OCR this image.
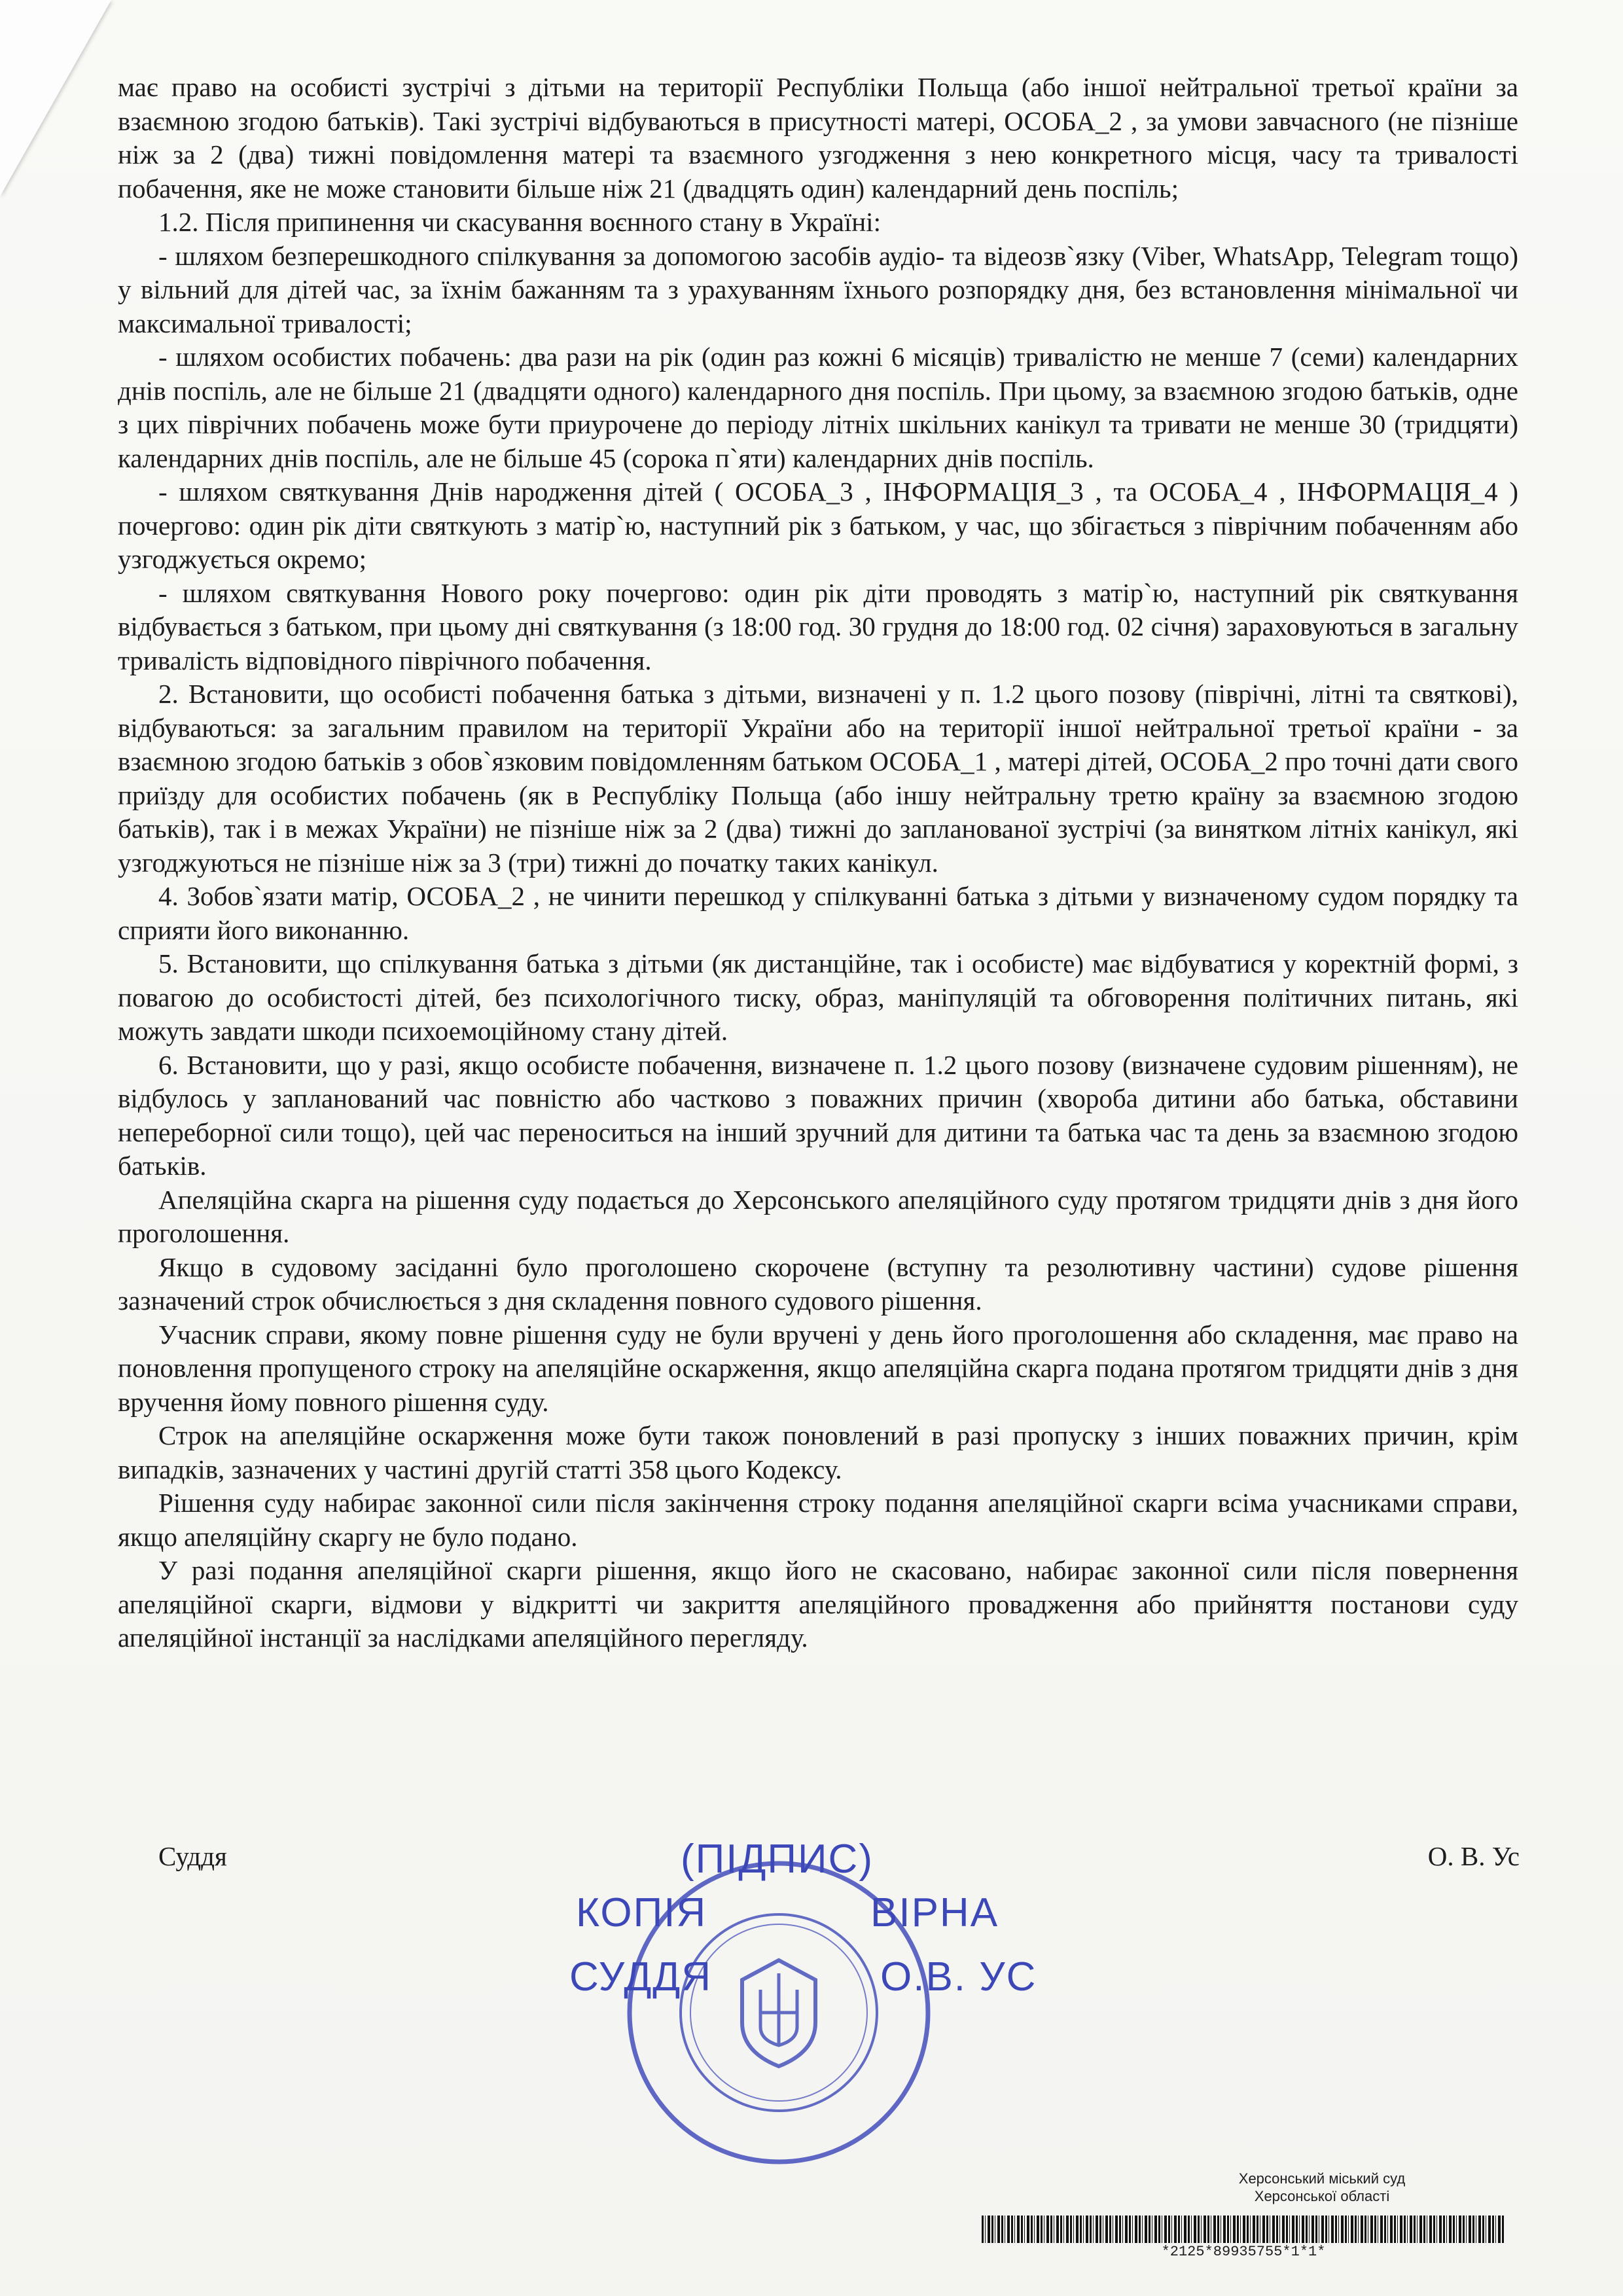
має право на особисті зустрічі з дітьми на території Республіки Польща (або іншої нейтральної третьої країни за взаємною згодою батьків). Такі зустрічі відбуваються в присутності матері, ОСОБА_2 , за умови завчасного (не пізніше ніж за 2 (два) тижні повідомлення матері та взаємного узгодження з нею конкретного місця, часу та тривалості побачення, яке не може становити більше ніж 21 (двадцять один) календарний день поспіль;

1.2. Після припинення чи скасування воєнного стану в Україні:

- шляхом безперешкодного спілкування за допомогою засобів аудіо- та відеозв`язку (Viber, WhatsApp, Telegram тощо) у вільний для дітей час, за їхнім бажанням та з урахуванням їхнього розпорядку дня, без встановлення мінімальної чи максимальної тривалості;

- шляхом особистих побачень: два рази на рік (один раз кожні 6 місяців) тривалістю не менше 7 (семи) календарних днів поспіль, але не більше 21 (двадцяти одного) календарного дня поспіль. При цьому, за взаємною згодою батьків, одне з цих піврічних побачень може бути приурочене до періоду літніх шкільних канікул та тривати не менше 30 (тридцяти) календарних днів поспіль, але не більше 45 (сорока п`яти) календарних днів поспіль.

- шляхом святкування Днів народження дітей ( ОСОБА_3 , ІНФОРМАЦІЯ_3 , та ОСОБА_4 , ІНФОРМАЦІЯ_4 ) почергово: один рік діти святкують з матір`ю, наступний рік з батьком, у час, що збігається з піврічним побаченням або узгоджується окремо;

- шляхом святкування Нового року почергово: один рік діти проводять з матір`ю, наступний рік святкування відбувається з батьком, при цьому дні святкування (з 18:00 год. 30 грудня до 18:00 год. 02 січня) зараховуються в загальну тривалість відповідного піврічного побачення.

2. Встановити, що особисті побачення батька з дітьми, визначені у п. 1.2 цього позову (піврічні, літні та святкові), відбуваються: за загальним правилом на території України або на території іншої нейтральної третьої країни - за взаємною згодою батьків з обов`язковим повідомленням батьком ОСОБА_1 , матері дітей, ОСОБА_2 про точні дати свого приїзду для особистих побачень (як в Республіку Польща (або іншу нейтральну третю країну за взаємною згодою батьків), так і в межах України) не пізніше ніж за 2 (два) тижні до запланованої зустрічі (за винятком літніх канікул, які узгоджуються не пізніше ніж за 3 (три) тижні до початку таких канікул.

4. Зобов`язати матір, ОСОБА_2 , не чинити перешкод у спілкуванні батька з дітьми у визначеному судом порядку та сприяти його виконанню.

5. Встановити, що спілкування батька з дітьми (як дистанційне, так і особисте) має відбуватися у коректній формі, з повагою до особистості дітей, без психологічного тиску, образ, маніпуляцій та обговорення політичних питань, які можуть завдати шкоди психоемоційному стану дітей.

6. Встановити, що у разі, якщо особисте побачення, визначене п. 1.2 цього позову (визначене судовим рішенням), не відбулось у запланований час повністю або частково з поважних причин (хвороба дитини або батька, обставини непереборної сили тощо), цей час переноситься на інший зручний для дитини та батька час та день за взаємною згодою батьків.

Апеляційна скарга на рішення суду подається до Херсонського апеляційного суду протягом тридцяти днів з дня його проголошення.

Якщо в судовому засіданні було проголошено скорочене (вступну та резолютивну частини) судове рішення зазначений строк обчислюється з дня складення повного судового рішення.

Учасник справи, якому повне рішення суду не були вручені у день його проголошення або складення, має право на поновлення пропущеного строку на апеляційне оскарження, якщо апеляційна скарга подана протягом тридцяти днів з дня вручення йому повного рішення суду.

Строк на апеляційне оскарження може бути також поновлений в разі пропуску з інших поважних причин, крім випадків, зазначених у частині другій статті 358 цього Кодексу.

Рішення суду набирає законної сили після закінчення строку подання апеляційної скарги всіма учасниками справи, якщо апеляційну скаргу не було подано.

У разі подання апеляційної скарги рішення, якщо його не скасовано, набирає законної сили після повернення апеляційної скарги, відмови у відкритті чи закриття апеляційного провадження або прийняття постанови суду апеляційної інстанції за наслідками апеляційного перегляду.

Суддя	О. В. Ус
(ПІДПИС)
КОПІЯ	ВІРНА
СУДДЯ	О.В. УС
Херсонський міський суд
Херсонської області
*2125*89935755*1*1*
